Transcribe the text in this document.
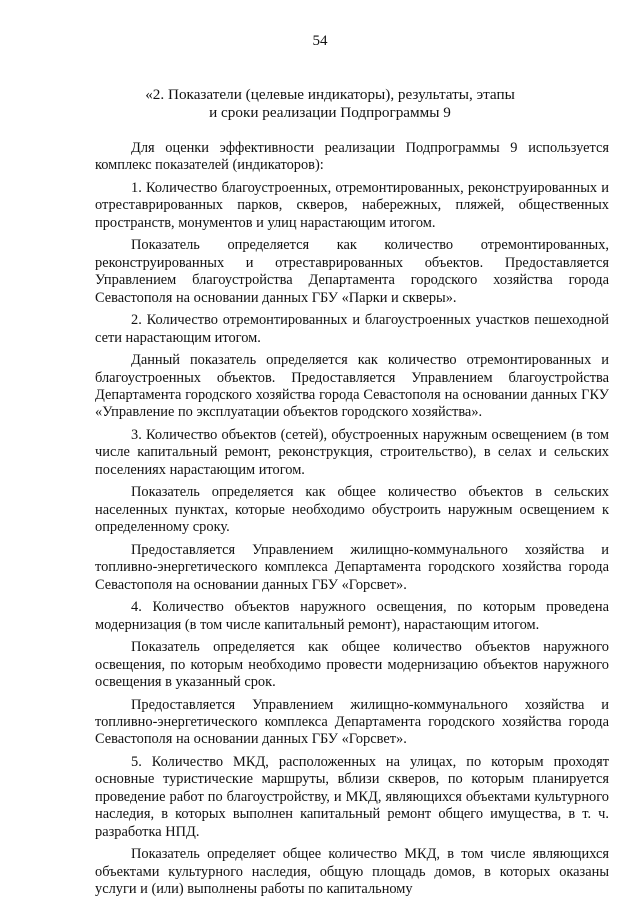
54
«2. Показатели (целевые индикаторы), результаты, этапы
и сроки реализации Подпрограммы 9

Для оценки эффективности реализации Подпрограммы 9 используется комплекс показателей (индикаторов):

1. Количество благоустроенных, отремонтированных, реконструированных и отреставрированных парков, скверов, набережных, пляжей, общественных пространств, монументов и улиц нарастающим итогом.

Показатель определяется как количество отремонтированных, реконструированных и отреставрированных объектов. Предоставляется Управлением благоустройства Департамента городского хозяйства города Севастополя на основании данных ГБУ «Парки и скверы».

2. Количество отремонтированных и благоустроенных участков пешеходной сети нарастающим итогом.

Данный показатель определяется как количество отремонтированных и благоустроенных объектов. Предоставляется Управлением благоустройства Департамента городского хозяйства города Севастополя на основании данных ГКУ «Управление по эксплуатации объектов городского хозяйства».

3. Количество объектов (сетей), обустроенных наружным освещением (в том числе капитальный ремонт, реконструкция, строительство), в селах и сельских поселениях нарастающим итогом.

Показатель определяется как общее количество объектов в сельских населенных пунктах, которые необходимо обустроить наружным освещением к определенному сроку.

Предоставляется Управлением жилищно-коммунального хозяйства и топливно-энергетического комплекса Департамента городского хозяйства города Севастополя на основании данных ГБУ «Горсвет».

4. Количество объектов наружного освещения, по которым проведена модернизация (в том числе капитальный ремонт), нарастающим итогом.

Показатель определяется как общее количество объектов наружного освещения, по которым необходимо провести модернизацию объектов наружного освещения в указанный срок.

Предоставляется Управлением жилищно-коммунального хозяйства и топливно-энергетического комплекса Департамента городского хозяйства города Севастополя на основании данных ГБУ «Горсвет».

5. Количество МКД, расположенных на улицах, по которым проходят основные туристические маршруты, вблизи скверов, по которым планируется проведение работ по благоустройству, и МКД, являющихся объектами культурного наследия, в которых выполнен капитальный ремонт общего имущества, в т. ч. разработка НПД.

Показатель определяет общее количество МКД, в том числе являющихся объектами культурного наследия, общую площадь домов, в которых оказаны услуги и (или) выполнены работы по капитальному
